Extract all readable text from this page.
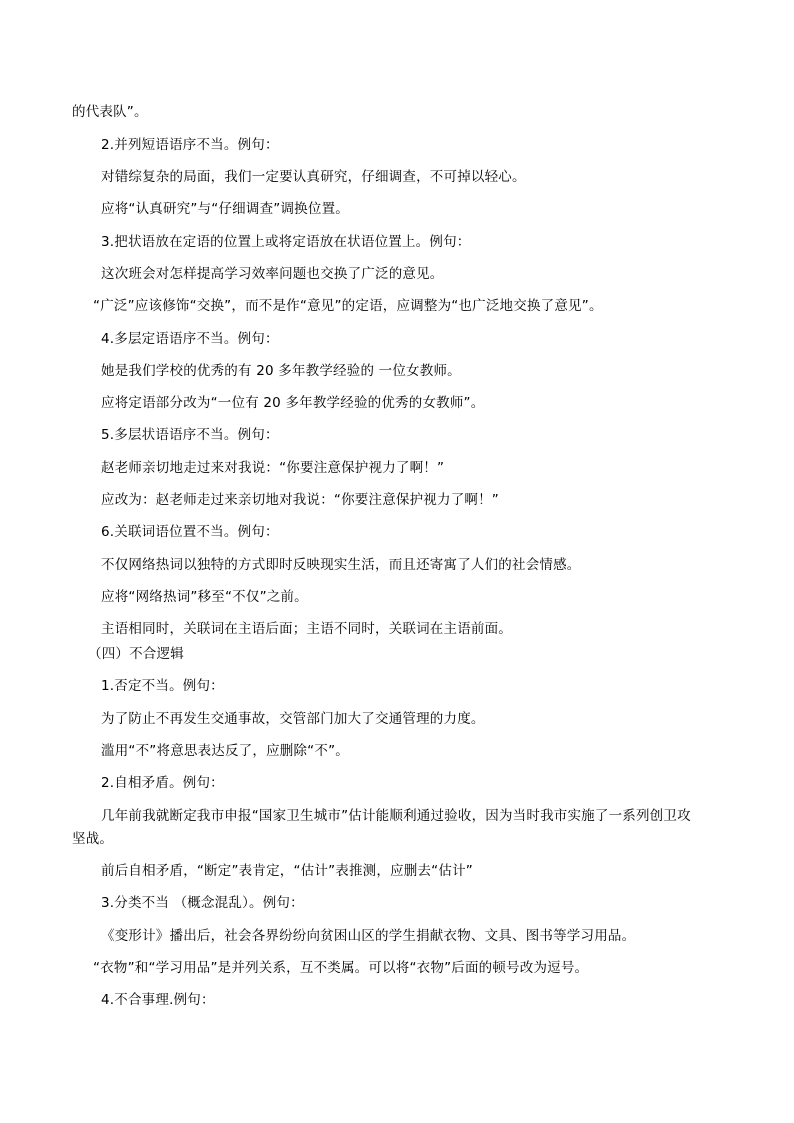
的代表队”。
2.并列短语语序不当。例句：
对错综复杂的局面，我们一定要认真研究，仔细调查，不可掉以轻心。
应将“认真研究”与“仔细调查”调换位置。
3.把状语放在定语的位置上或将定语放在状语位置上。例句：
这次班会对怎样提高学习效率问题也交换了广泛的意见。
“广泛”应该修饰“交换”，而不是作“意见”的定语，应调整为“也广泛地交换了意见”。
4.多层定语语序不当。例句：
她是我们学校的优秀的有 20 多年教学经验的 一位女教师。
应将定语部分改为“一位有 20 多年教学经验的优秀的女教师”。
5.多层状语语序不当。例句：
赵老师亲切地走过来对我说：“你要注意保护视力了啊！”
应改为：赵老师走过来亲切地对我说：“你要注意保护视力了啊！”
6.关联词语位置不当。例句：
不仅网络热词以独特的方式即时反映现实生活，而且还寄寓了人们的社会情感。
应将“网络热词”移至“不仅”之前。
主语相同时，关联词在主语后面；主语不同时，关联词在主语前面。
（四）不合逻辑
1.否定不当。例句：
为了防止不再发生交通事故，交管部门加大了交通管理的力度。
滥用“不”将意思表达反了，应删除“不”。
2.自相矛盾。例句：
几年前我就断定我市申报“国家卫生城市”估计能顺利通过验收，因为当时我市实施了一系列创卫攻
坚战。
前后自相矛盾，“断定”表肯定，“估计”表推测，应删去“估计”
3.分类不当 （概念混乱）。例句：
《变形计》播出后，社会各界纷纷向贫困山区的学生捐献衣物、文具、图书等学习用品。
“衣物”和“学习用品”是并列关系，互不类属。可以将“衣物”后面的顿号改为逗号。
4.不合事理.例句：
